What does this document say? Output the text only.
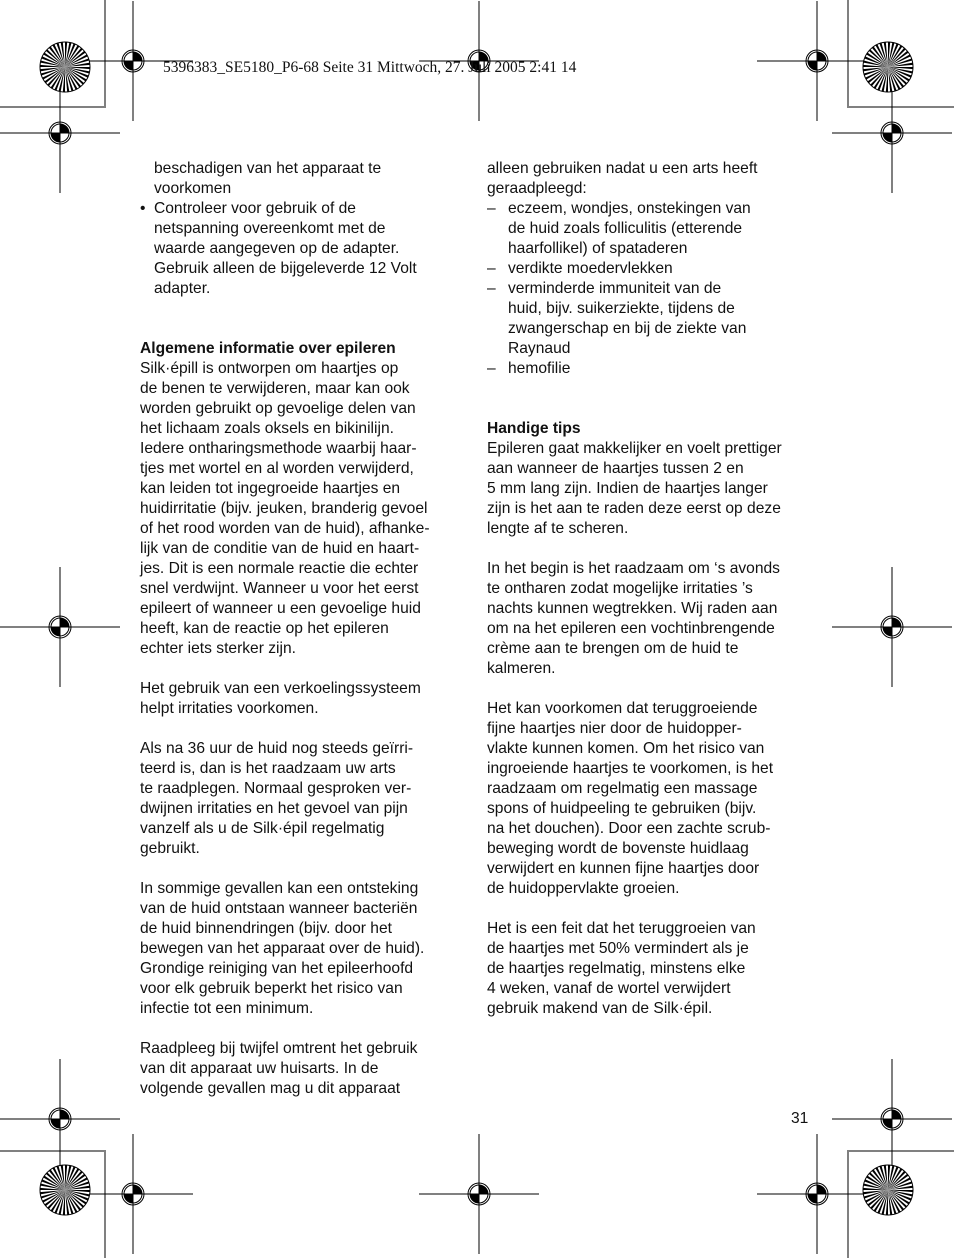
5396383_SE5180_P6-68 Seite 31 Mittwoch, 27. Juli 2005 2:41 14

beschadigen van het apparaat te

voorkomen

• Controleer voor gebruik of de

netspanning overeenkomt met de

waarde aangegeven op de adapter.

Gebruik alleen de bijgeleverde 12 Volt

adapter.

Algemene informatie over epileren

Silk·épill is ontworpen om haartjes op

de benen te verwijderen, maar kan ook

worden gebruikt op gevoelige delen van

het lichaam zoals oksels en bikinilijn.

Iedere ontharingsmethode waarbij haar-

tjes met wortel en al worden verwijderd,

kan leiden tot ingegroeide haartjes en

huidirritatie (bijv. jeuken, branderig gevoel

of het rood worden van de huid), afhanke-

lijk van de conditie van de huid en haart-

jes. Dit is een normale reactie die echter

snel verdwijnt. Wanneer u voor het eerst

epileert of wanneer u een gevoelige huid

heeft, kan de reactie op het epileren

echter iets sterker zijn.

Het gebruik van een verkoelingssysteem

helpt irritaties voorkomen.

Als na 36 uur de huid nog steeds geïrri-

teerd is, dan is het raadzaam uw arts

te raadplegen. Normaal gesproken ver-

dwijnen irritaties en het gevoel van pijn

vanzelf als u de Silk·épil regelmatig

gebruikt.

In sommige gevallen kan een ontsteking

van de huid ontstaan wanneer bacteriën

de huid binnendringen (bijv. door het

bewegen van het apparaat over de huid).

Grondige reiniging van het epileerhoofd

voor elk gebruik beperkt het risico van

infectie tot een minimum.

Raadpleeg bij twijfel omtrent het gebruik

van dit apparaat uw huisarts. In de

volgende gevallen mag u dit apparaat

alleen gebruiken nadat u een arts heeft

geraadpleegd:

– eczeem, wondjes, onstekingen van

de huid zoals folliculitis (etterende

haarfollikel) of spataderen

– verdikte moedervlekken

– verminderde immuniteit van de

huid, bijv. suikerziekte, tijdens de

zwangerschap en bij de ziekte van

Raynaud

– hemofilie

Handige tips

Epileren gaat makkelijker en voelt prettiger

aan wanneer de haartjes tussen 2 en

5 mm lang zijn. Indien de haartjes langer

zijn is het aan te raden deze eerst op deze

lengte af te scheren.

In het begin is het raadzaam om ‘s avonds

te ontharen zodat mogelijke irritaties ’s

nachts kunnen wegtrekken. Wij raden aan

om na het epileren een vochtinbrengende

crème aan te brengen om de huid te

kalmeren.

Het kan voorkomen dat teruggroeiende

fijne haartjes nier door de huidopper-

vlakte kunnen komen. Om het risico van

ingroeiende haartjes te voorkomen, is het

raadzaam om regelmatig een massage

spons of huidpeeling te gebruiken (bijv.

na het douchen). Door een zachte scrub-

beweging wordt de bovenste huidlaag

verwijdert en kunnen fijne haartjes door

de huidoppervlakte groeien.

Het is een feit dat het teruggroeien van

de haartjes met 50% vermindert als je

de haartjes regelmatig, minstens elke

4 weken, vanaf de wortel verwijdert

gebruik makend van de Silk·épil.

31
